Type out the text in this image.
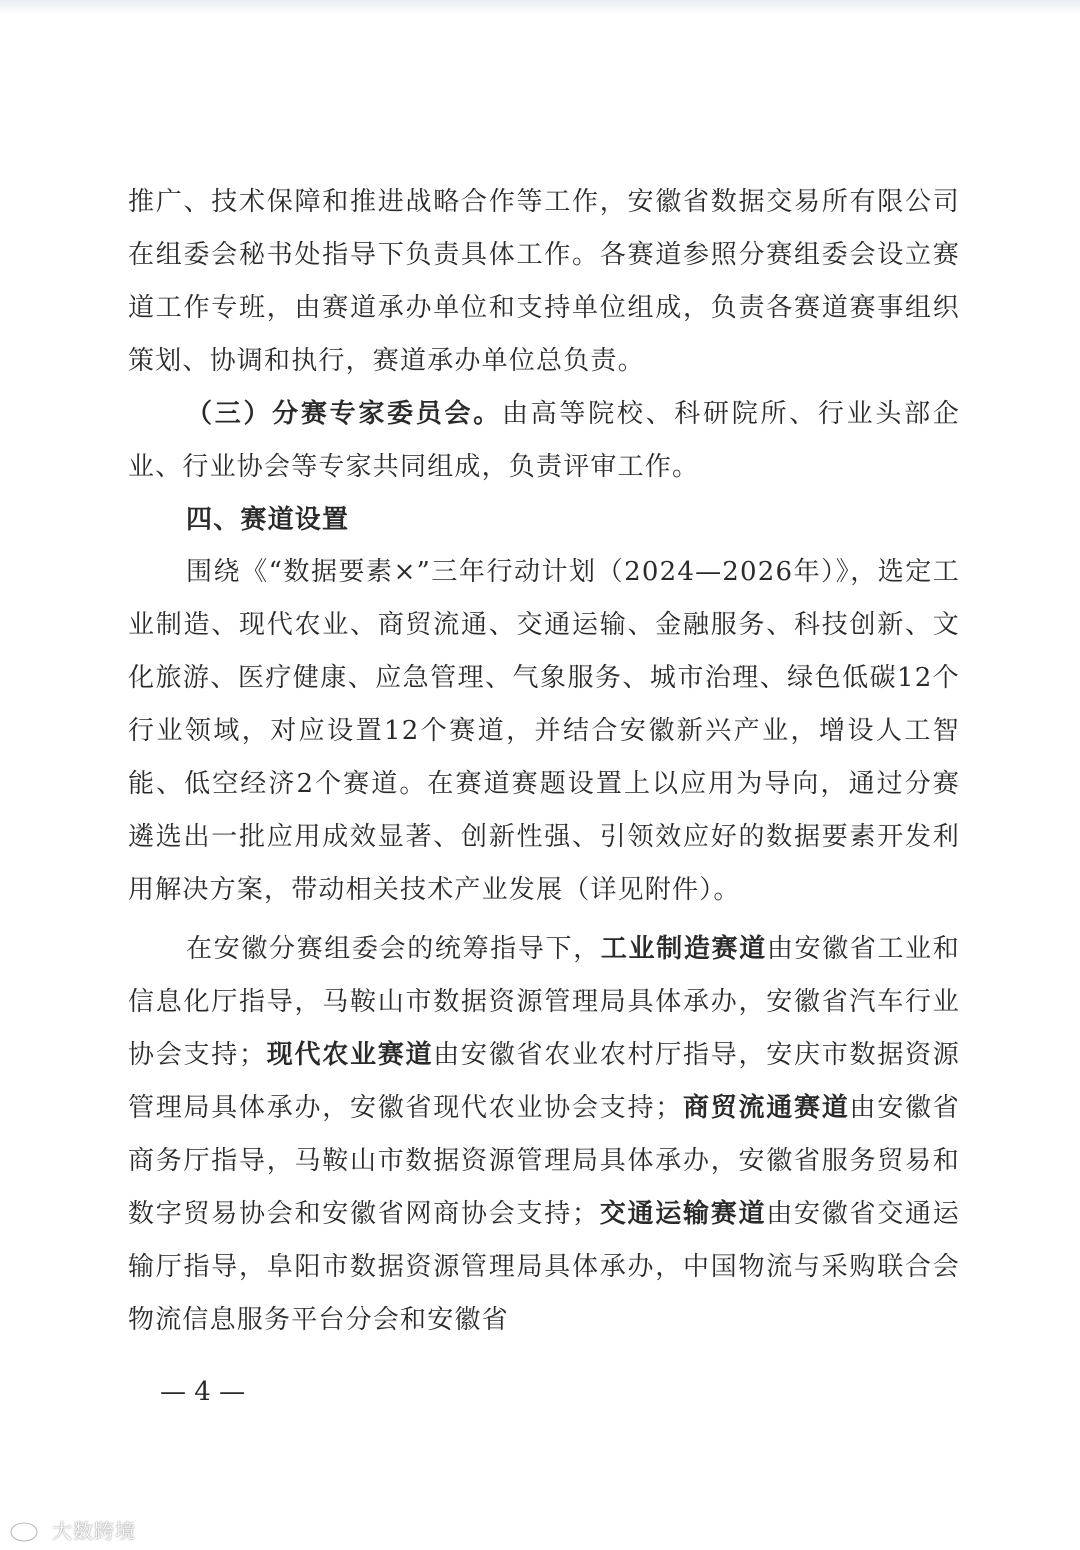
推广、技术保障和推进战略合作等工作，安徽省数据交易所有限公司在组委会秘书处指导下负责具体工作。各赛道参照分赛组委会设立赛道工作专班，由赛道承办单位和支持单位组成，负责各赛道赛事组织策划、协调和执行，赛道承办单位总负责。

（三）分赛专家委员会。由高等院校、科研院所、行业头部企业、行业协会等专家共同组成，负责评审工作。

四、赛道设置

围绕《“数据要素×”三年行动计划（2024—2026年）》，选定工业制造、现代农业、商贸流通、交通运输、金融服务、科技创新、文化旅游、医疗健康、应急管理、气象服务、城市治理、绿色低碳12个行业领域，对应设置12个赛道，并结合安徽新兴产业，增设人工智能、低空经济2个赛道。在赛道赛题设置上以应用为导向，通过分赛遴选出一批应用成效显著、创新性强、引领效应好的数据要素开发利用解决方案，带动相关技术产业发展（详见附件）。

在安徽分赛组委会的统筹指导下，工业制造赛道由安徽省工业和信息化厅指导，马鞍山市数据资源管理局具体承办，安徽省汽车行业协会支持；现代农业赛道由安徽省农业农村厅指导，安庆市数据资源管理局具体承办，安徽省现代农业协会支持；商贸流通赛道由安徽省商务厅指导，马鞍山市数据资源管理局具体承办，安徽省服务贸易和数字贸易协会和安徽省网商协会支持；交通运输赛道由安徽省交通运输厅指导，阜阳市数据资源管理局具体承办，中国物流与采购联合会物流信息服务平台分会和安徽省

— 4 —
大数跨境
